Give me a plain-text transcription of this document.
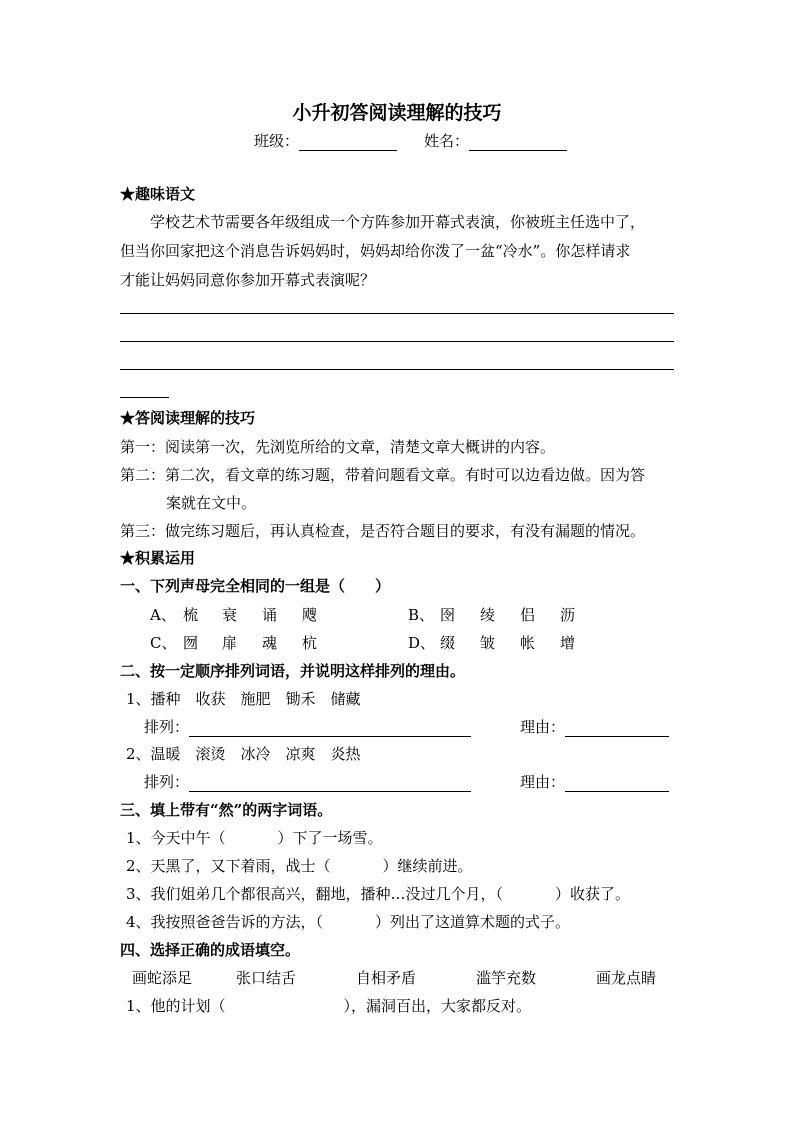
小升初答阅读理解的技巧
班级：	姓名：
★趣味语文
学校艺术节需要各年级组成一个方阵参加开幕式表演，你被班主任选中了，
但当你回家把这个消息告诉妈妈时，妈妈却给你泼了一盆“冷水”。你怎样请求
才能让妈妈同意你参加开幕式表演呢？
★答阅读理解的技巧
第一：阅读第一次，先浏览所给的文章，清楚文章大概讲的内容。
第二：第二次，看文章的练习题，带着问题看文章。有时可以边看边做。因为答
案就在文中。
第三：做完练习题后，再认真检查，是否符合题目的要求，有没有漏题的情况。
★积累运用
一、下列声母完全相同的一组是（　　）
A、 梳 衰 诵 飕	B、 囹 绫 侣 沥
C、 囫 扉 魂 杭	D、 缀 皱 帐 增
二、按一定顺序排列词语，并说明这样排列的理由。
1、播种　收获　施肥　锄禾　储藏
排列：	理由：
2、温暖　滚烫　冰冷　凉爽　炎热
排列：	理由：
三、填上带有“然”的两字词语。
1、今天中午（	）下了一场雪。
2、天黑了，又下着雨，战士（	）继续前进。
3、我们姐弟几个都很高兴，翻地，播种…没过几个月，（	）收获了。
4、我按照爸爸告诉的方法，（	）列出了这道算术题的式子。
四、选择正确的成语填空。
画蛇添足	张口结舌	自相矛盾	滥竽充数	画龙点睛
1、他的计划（	），漏洞百出，大家都反对。
